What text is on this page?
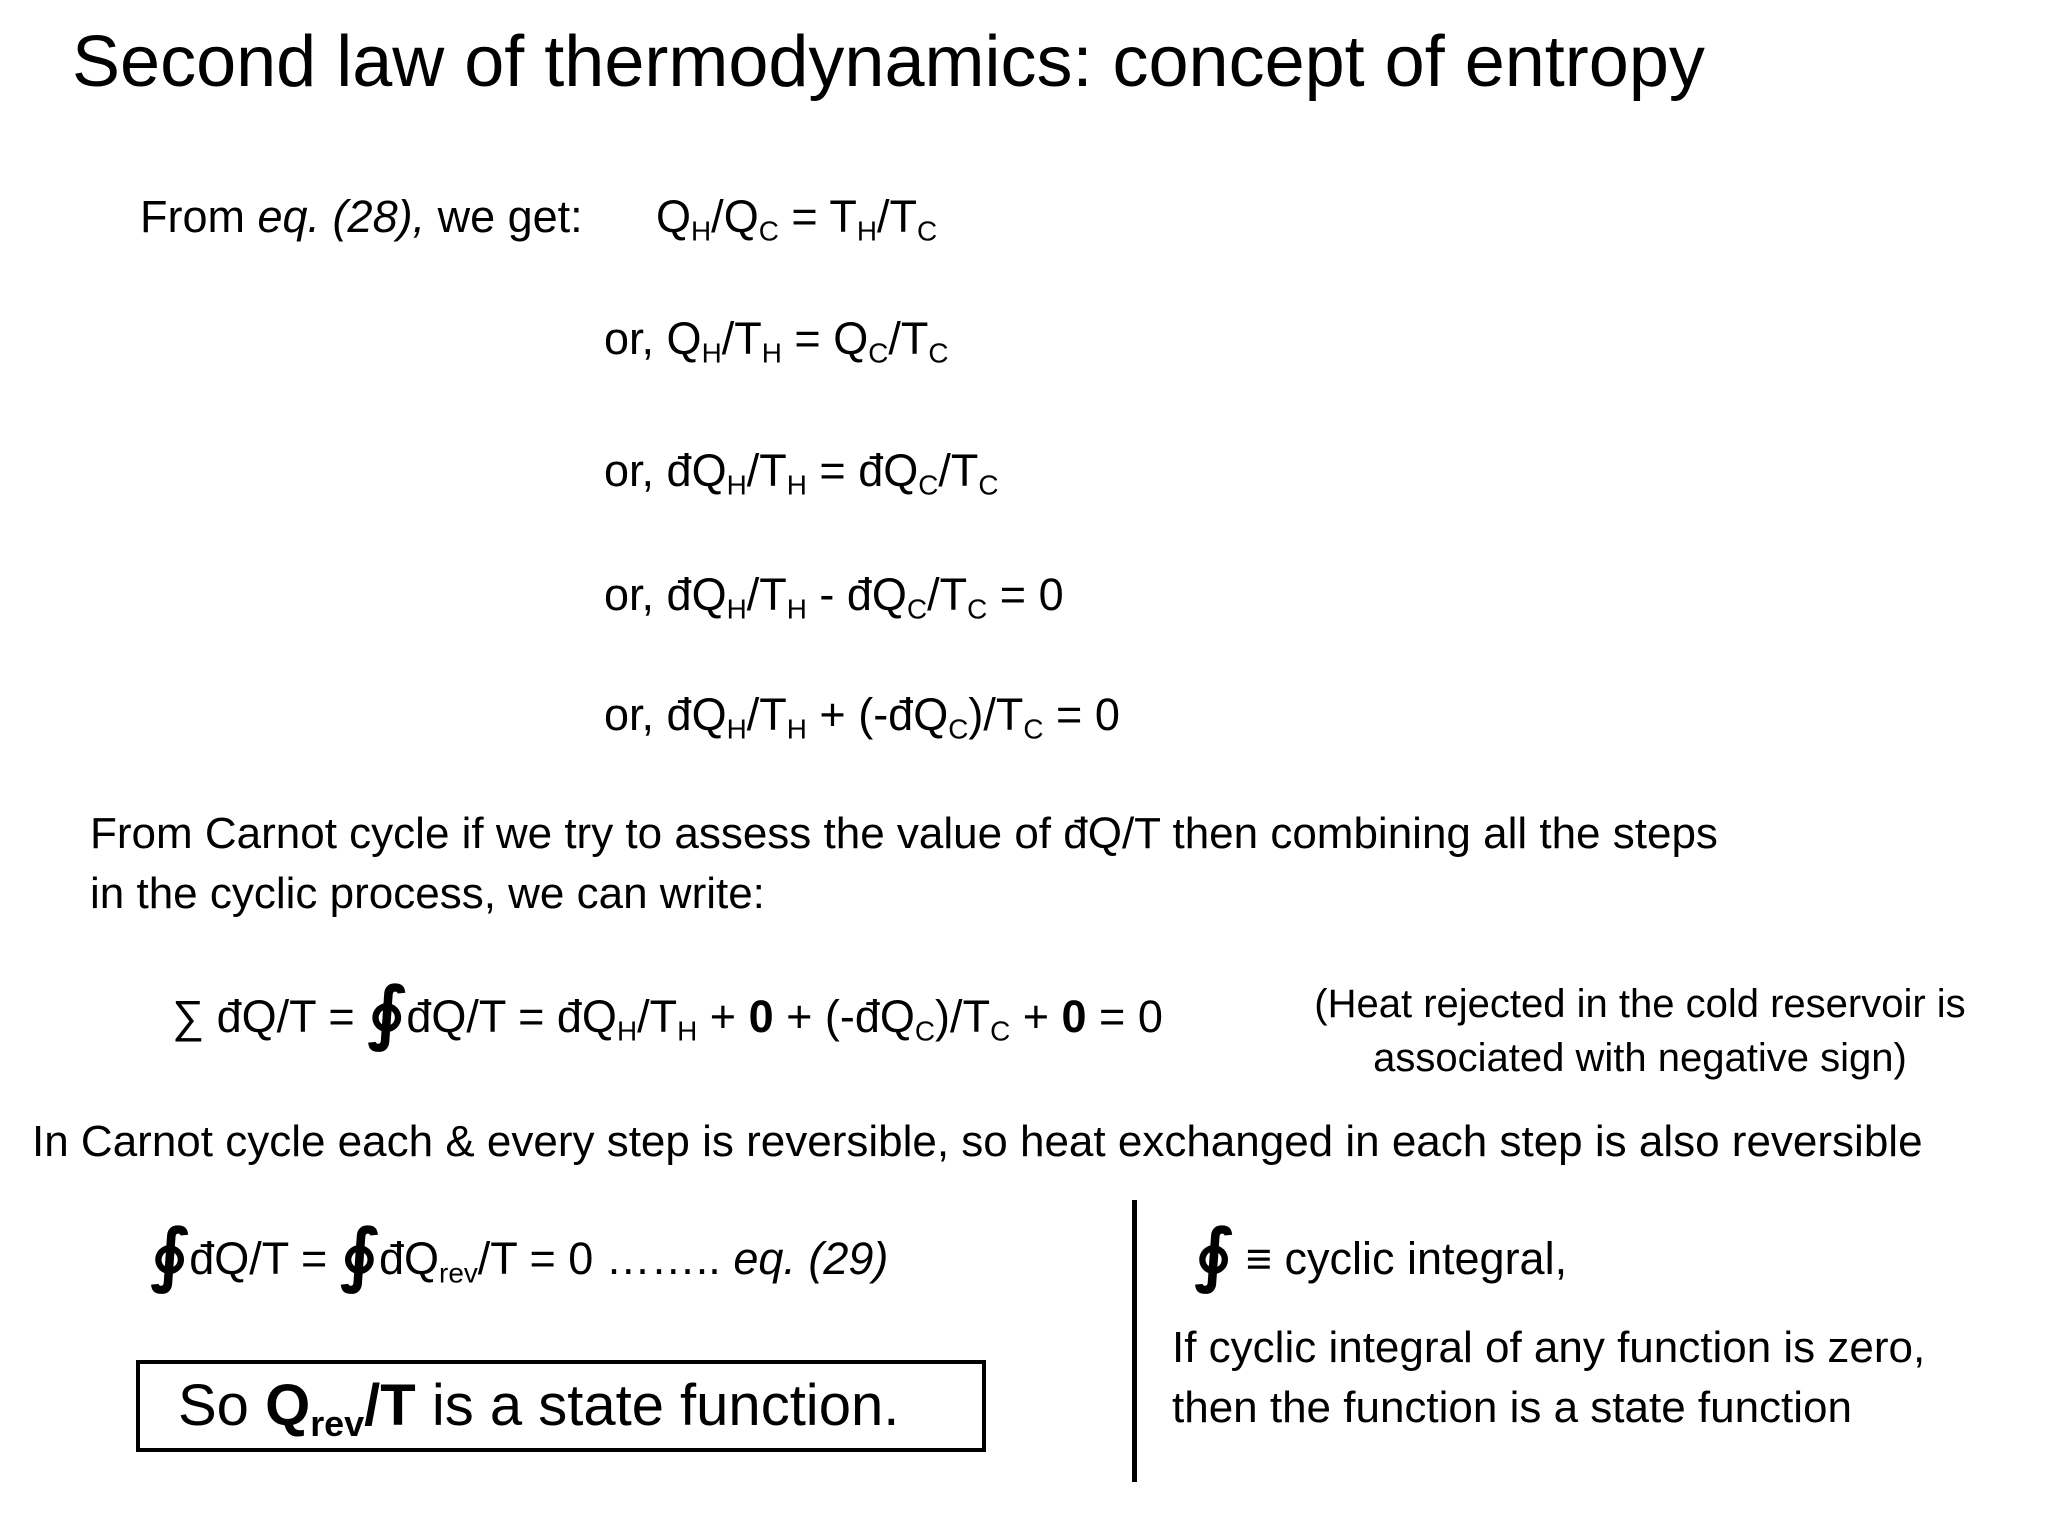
Second law of thermodynamics: concept of entropy
From eq. (28), we get: $Q_H/Q_C = T_H/T_C$
or, $Q_H/T_H = Q_C/T_C$
or, $đQ_H/T_H$ = $đQ_C/T_C$
or, $đQ_H/T_H$ - $đQ_C/T_C = 0$
or, $đQ_H/T_H$ + $(-đQ_C)/T_C = 0$
From Carnot cycle if we try to assess the value of đQ/T then combining all the steps
in the cyclic process, we can write:
∑ đQ/T = ∮đQ/T = $đQ_H/T_H + 0$ + $(-đQ_C)/T_C + 0 = 0$	(Heat rejected in the cold reservoir is
associated with negative sign)
In Carnot cycle each & every step is reversible, so heat exchanged in each step is also reversible
∮đQ/T = $∮đQ_{rev}/T = 0$ …….. eq. (29)
So $Q_{rev}/T$ is a state function.
∮ ≡ cyclic integral,
If cyclic integral of any function is zero,
then the function is a state function
